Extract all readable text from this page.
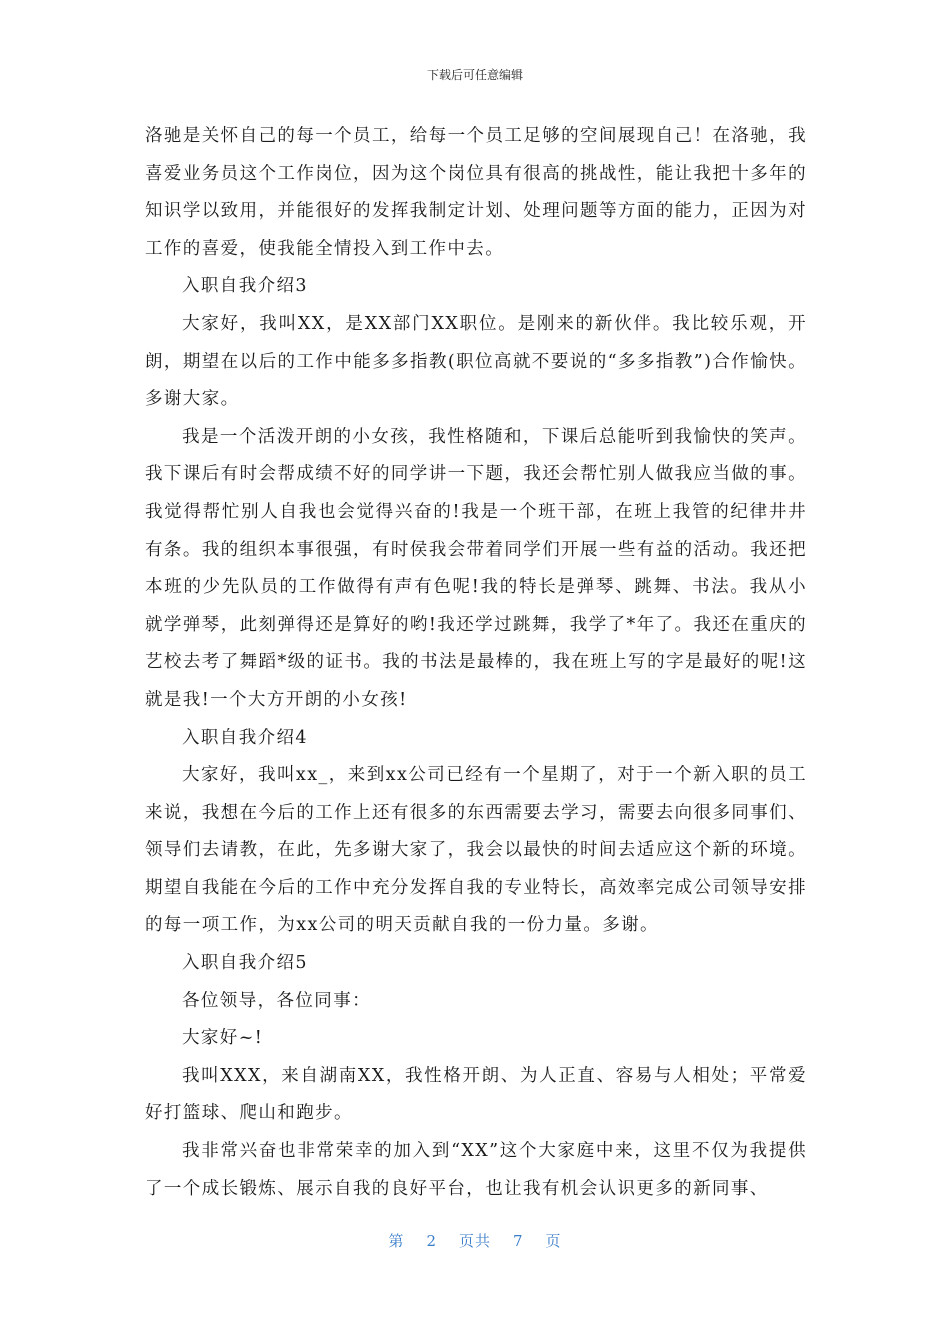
下载后可任意编辑

洛驰是关怀自己的每一个员工，给每一个员工足够的空间展现自己！在洛驰，我喜爱业务员这个工作岗位，因为这个岗位具有很高的挑战性，能让我把十多年的知识学以致用，并能很好的发挥我制定计划、处理问题等方面的能力，正因为对工作的喜爱，使我能全情投入到工作中去。

入职自我介绍3

大家好，我叫XX，是XX部门XX职位。是刚来的新伙伴。我比较乐观，开朗，期望在以后的工作中能多多指教(职位高就不要说的“多多指教”)合作愉快。多谢大家。

我是一个活泼开朗的小女孩，我性格随和，下课后总能听到我愉快的笑声。我下课后有时会帮成绩不好的同学讲一下题，我还会帮忙别人做我应当做的事。我觉得帮忙别人自我也会觉得兴奋的!我是一个班干部，在班上我管的纪律井井有条。我的组织本事很强，有时侯我会带着同学们开展一些有益的活动。我还把本班的少先队员的工作做得有声有色呢!我的特长是弹琴、跳舞、书法。我从小就学弹琴，此刻弹得还是算好的哟!我还学过跳舞，我学了*年了。我还在重庆的艺校去考了舞蹈*级的证书。我的书法是最棒的，我在班上写的字是最好的呢!这就是我!一个大方开朗的小女孩!

入职自我介绍4

大家好，我叫xx_，来到xx公司已经有一个星期了，对于一个新入职的员工来说，我想在今后的工作上还有很多的东西需要去学习，需要去向很多同事们、领导们去请教，在此，先多谢大家了，我会以最快的时间去适应这个新的环境。期望自我能在今后的工作中充分发挥自我的专业特长，高效率完成公司领导安排的每一项工作，为xx公司的明天贡献自我的一份力量。多谢。

入职自我介绍5

各位领导，各位同事：

大家好~!

我叫XXX，来自湖南XX，我性格开朗、为人正直、容易与人相处；平常爱好打篮球、爬山和跑步。

我非常兴奋也非常荣幸的加入到“XX”这个大家庭中来，这里不仅为我提供了一个成长锻炼、展示自我的良好平台，也让我有机会认识更多的新同事、

第 2 页共 7 页
